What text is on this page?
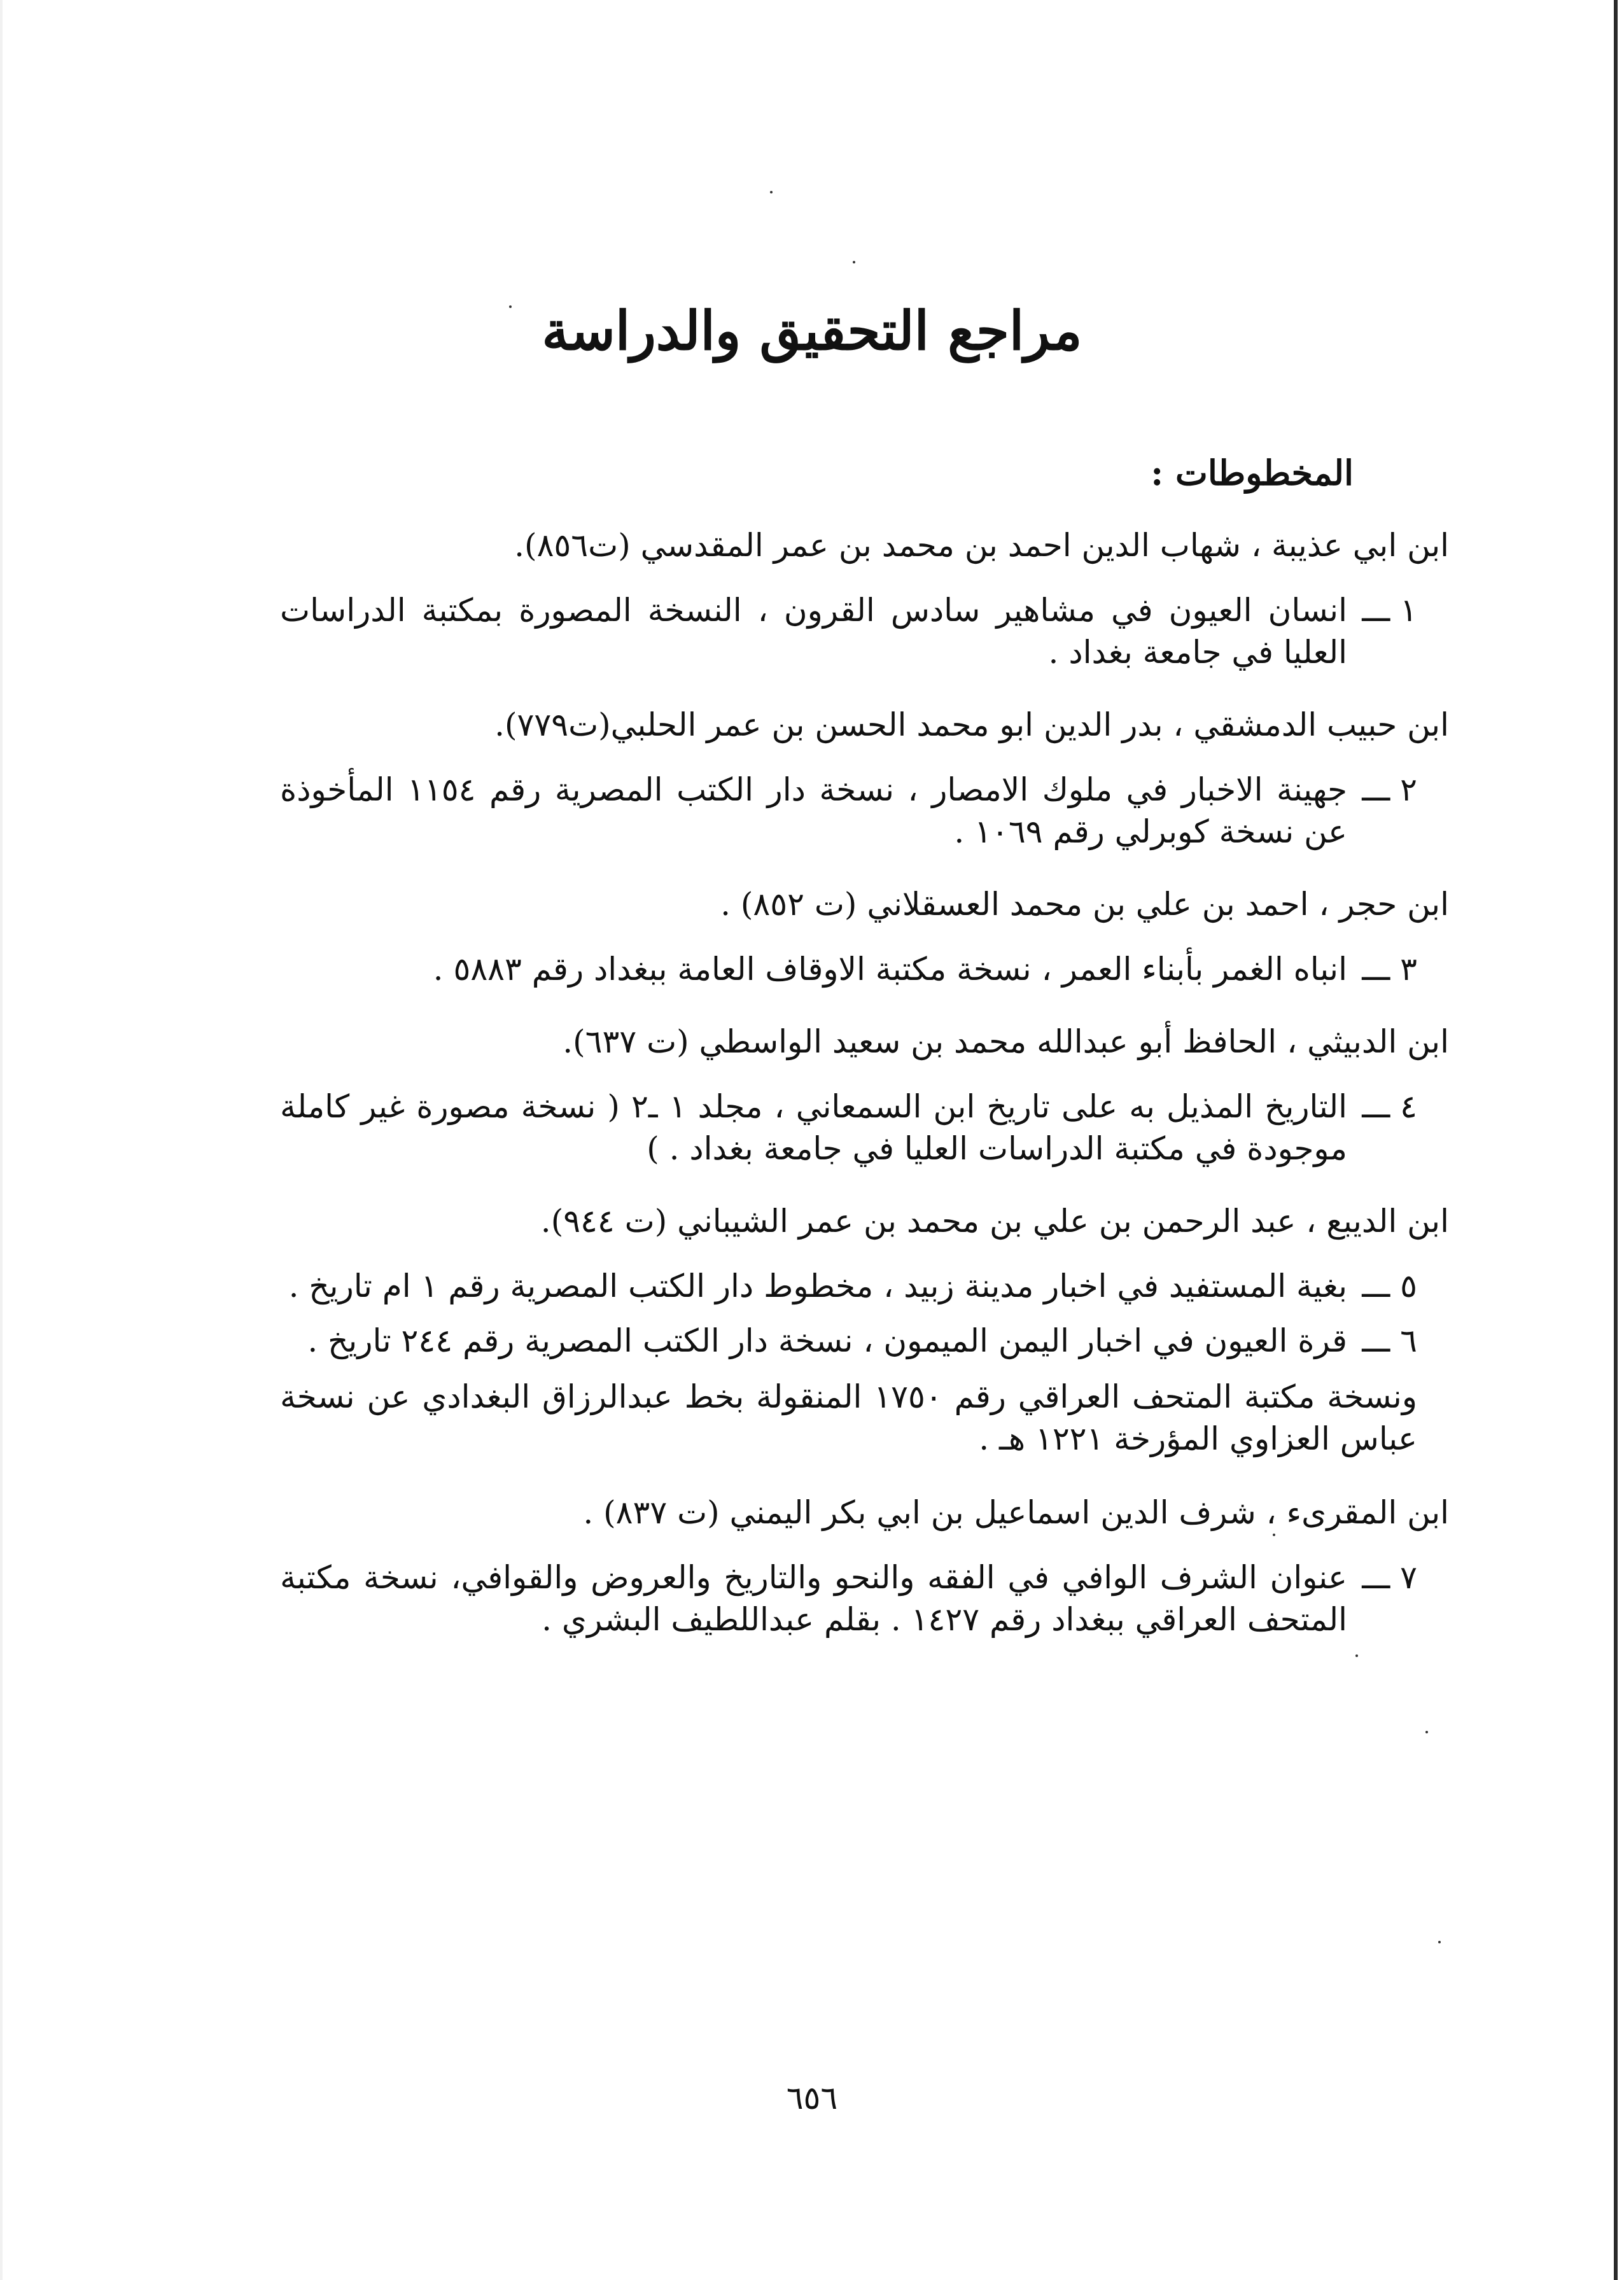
مراجع التحقيق والدراسة
المخطوطات :
ابن ابي عذيبة ، شهاب الدين احمد بن محمد بن عمر المقدسي (ت٨٥٦).
١ ـــ
انسان العيون في مشاهير سادس القرون ، النسخة المصورة بمكتبة الدراسات العليا في جامعة بغداد .
ابن حبيب الدمشقي ، بدر الدين ابو محمد الحسن بن عمر الحلبي(ت٧٧٩).
٢ ـــ
جهينة الاخبار في ملوك الامصار ، نسخة دار الكتب المصرية رقم ١١٥٤ المأخوذة عن نسخة كوبرلي رقم ١٠٦٩ .
ابن حجر ، احمد بن علي بن محمد العسقلاني (ت ٨٥٢) .
٣ ـــ
انباه الغمر بأبناء العمر ، نسخة مكتبة الاوقاف العامة ببغداد رقم ٥٨٨٣ .
ابن الدبيثي ، الحافظ أبو عبدالله محمد بن سعيد الواسطي (ت ٦٣٧).
٤ ـــ
التاريخ المذيل به على تاريخ ابن السمعاني ، مجلد ١ ـ٢ ( نسخة مصورة غير كاملة موجودة في مكتبة الدراسات العليا في جامعة بغداد . )
ابن الديبع ، عبد الرحمن بن علي بن محمد بن عمر الشيباني (ت ٩٤٤).
٥ ـــ
بغية المستفيد في اخبار مدينة زبيد ، مخطوط دار الكتب المصرية رقم ١ ام تاريخ .
٦ ـــ
قرة العيون في اخبار اليمن الميمون ، نسخة دار الكتب المصرية رقم ٢٤٤ تاريخ .
ونسخة مكتبة المتحف العراقي رقم ١٧٥٠ المنقولة بخط عبدالرزاق البغدادي عن نسخة عباس العزاوي المؤرخة ١٢٢١ هـ .
ابن المقرىء ، شرف الدين اسماعيل بن ابي بكر اليمني (ت ٨٣٧) .
٧ ـــ
عنوان الشرف الوافي في الفقه والنحو والتاريخ والعروض والقوافي، نسخة مكتبة المتحف العراقي ببغداد رقم ١٤٢٧ . بقلم عبداللطيف البشري .
٦٥٦
